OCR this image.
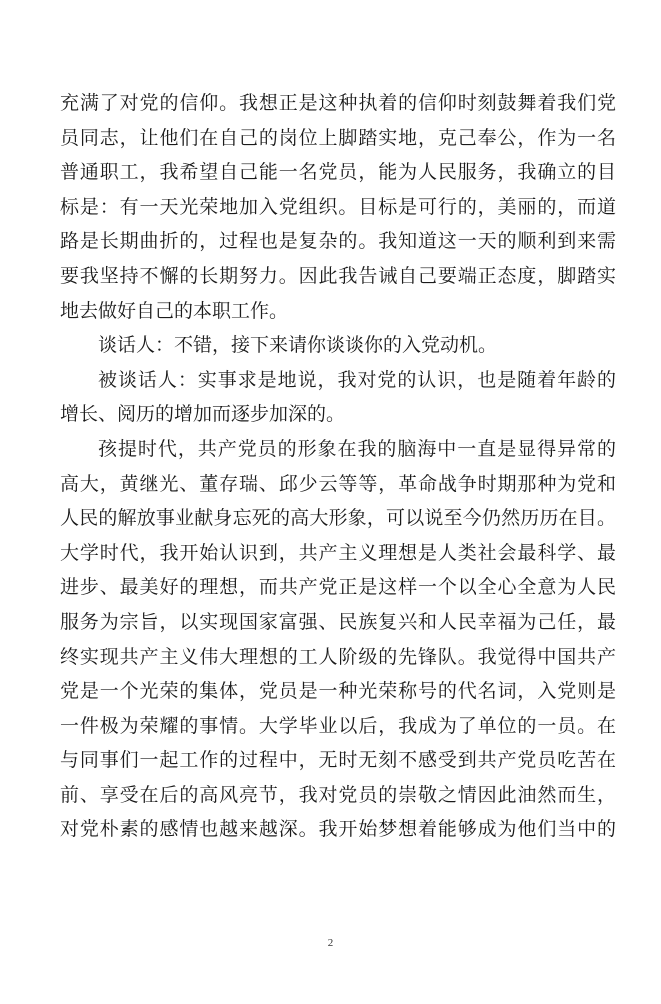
充满了对党的信仰。我想正是这种执着的信仰时刻鼓舞着我们党
员同志，让他们在自己的岗位上脚踏实地，克己奉公，作为一名
普通职工，我希望自己能一名党员，能为人民服务，我确立的目
标是：有一天光荣地加入党组织。目标是可行的，美丽的，而道
路是长期曲折的，过程也是复杂的。我知道这一天的顺利到来需
要我坚持不懈的长期努力。因此我告诫自己要端正态度，脚踏实
地去做好自己的本职工作。
谈话人：不错，接下来请你谈谈你的入党动机。
被谈话人：实事求是地说，我对党的认识，也是随着年龄的
增长、阅历的增加而逐步加深的。
孩提时代，共产党员的形象在我的脑海中一直是显得异常的
高大，黄继光、董存瑞、邱少云等等，革命战争时期那种为党和
人民的解放事业献身忘死的高大形象，可以说至今仍然历历在目。
大学时代，我开始认识到，共产主义理想是人类社会最科学、最
进步、最美好的理想，而共产党正是这样一个以全心全意为人民
服务为宗旨，以实现国家富强、民族复兴和人民幸福为己任，最
终实现共产主义伟大理想的工人阶级的先锋队。我觉得中国共产
党是一个光荣的集体，党员是一种光荣称号的代名词，入党则是
一件极为荣耀的事情。大学毕业以后，我成为了单位的一员。在
与同事们一起工作的过程中，无时无刻不感受到共产党员吃苦在
前、享受在后的高风亮节，我对党员的崇敬之情因此油然而生，
对党朴素的感情也越来越深。我开始梦想着能够成为他们当中的
2
